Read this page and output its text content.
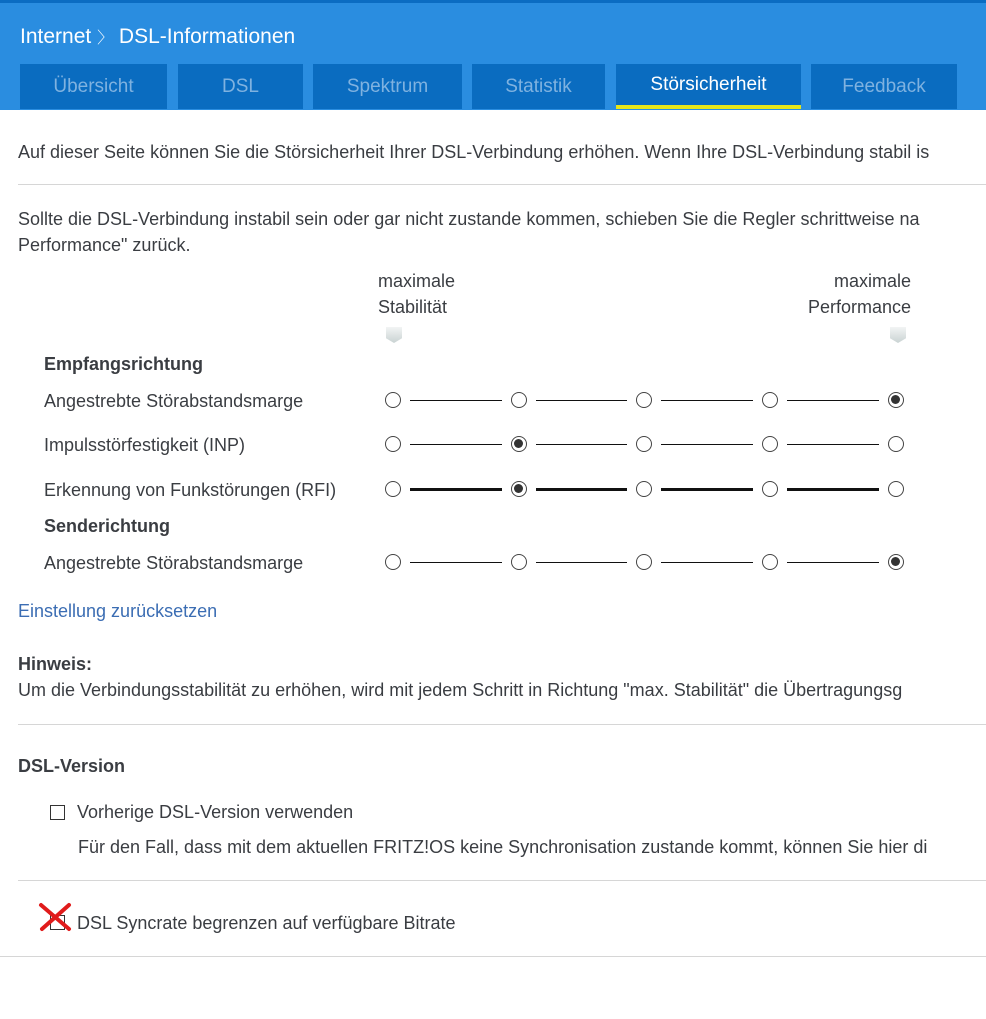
Internet 〉 DSL-Informationen
Übersicht	DSL	Spektrum	Statistik	Störsicherheit	Feedback
Auf dieser Seite können Sie die Störsicherheit Ihrer DSL-Verbindung erhöhen. Wenn Ihre DSL-Verbindung stabil is
Sollte die DSL-Verbindung instabil sein oder gar nicht zustande kommen, schieben Sie die Regler schrittweise na
Performance" zurück.
maximale
Stabilität
maximale
Performance
Empfangsrichtung
Angestrebte Störabstandsmarge
Impulsstörfestigkeit (INP)
Erkennung von Funkstörungen (RFI)
Senderichtung
Angestrebte Störabstandsmarge
Einstellung zurücksetzen
Hinweis:
Um die Verbindungsstabilität zu erhöhen, wird mit jedem Schritt in Richtung "max. Stabilität" die Übertragungsg
DSL-Version
Vorherige DSL-Version verwenden
Für den Fall, dass mit dem aktuellen FRITZ!OS keine Synchronisation zustande kommt, können Sie hier di
DSL Syncrate begrenzen auf verfügbare Bitrate
